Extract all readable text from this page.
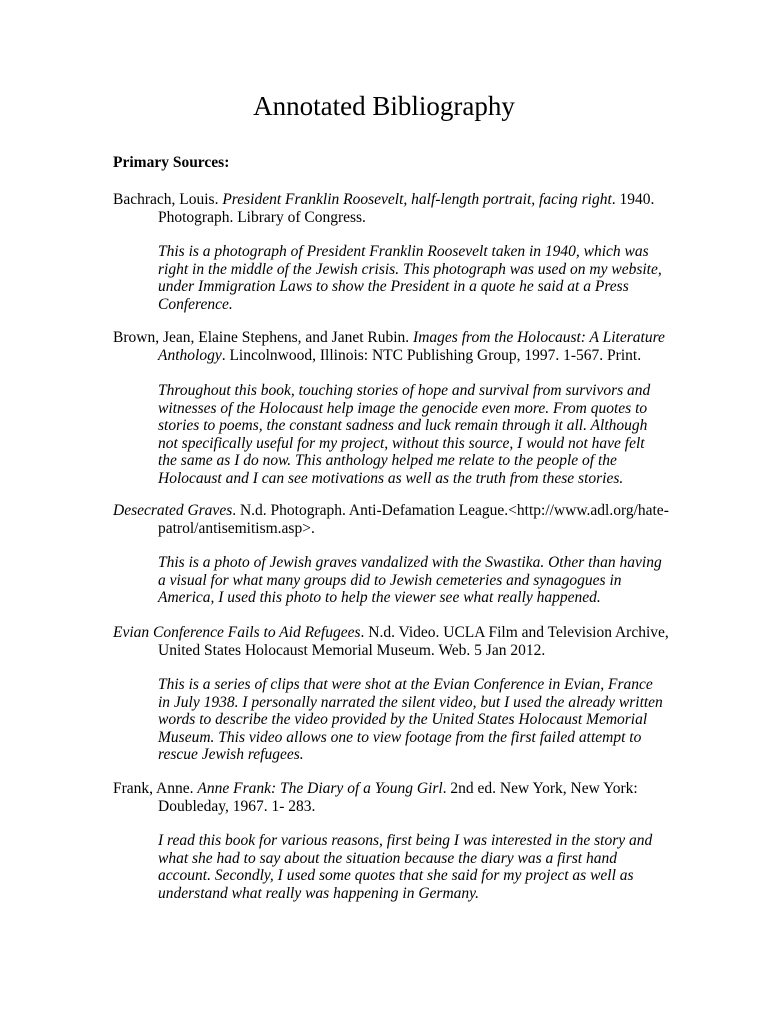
Annotated Bibliography
Primary Sources:
Bachrach, Louis. President Franklin Roosevelt, half-length portrait, facing right. 1940. Photograph. Library of Congress.
This is a photograph of President Franklin Roosevelt taken in 1940, which was right in the middle of the Jewish crisis. This photograph was used on my website, under Immigration Laws to show the President in a quote he said at a Press Conference.
Brown, Jean, Elaine Stephens, and Janet Rubin. Images from the Holocaust: A Literature Anthology. Lincolnwood, Illinois: NTC Publishing Group, 1997. 1-567. Print.
Throughout this book, touching stories of hope and survival from survivors and witnesses of the Holocaust help image the genocide even more. From quotes to stories to poems, the constant sadness and luck remain through it all. Although not specifically useful for my project, without this source, I would not have felt the same as I do now. This anthology helped me relate to the people of the Holocaust and I can see motivations as well as the truth from these stories.
Desecrated Graves. N.d. Photograph. Anti-Defamation League.<http://www.adl.org/hate-patrol/antisemitism.asp>.
This is a photo of Jewish graves vandalized with the Swastika. Other than having a visual for what many groups did to Jewish cemeteries and synagogues in America, I used this photo to help the viewer see what really happened.
Evian Conference Fails to Aid Refugees. N.d. Video. UCLA Film and Television Archive, United States Holocaust Memorial Museum. Web. 5 Jan 2012.
This is a series of clips that were shot at the Evian Conference in Evian, France in July 1938. I personally narrated the silent video, but I used the already written words to describe the video provided by the United States Holocaust Memorial Museum. This video allows one to view footage from the first failed attempt to rescue Jewish refugees.
Frank, Anne. Anne Frank: The Diary of a Young Girl. 2nd ed. New York, New York: Doubleday, 1967. 1- 283.
I read this book for various reasons, first being I was interested in the story and what she had to say about the situation because the diary was a first hand account. Secondly, I used some quotes that she said for my project as well as understand what really was happening in Germany.
